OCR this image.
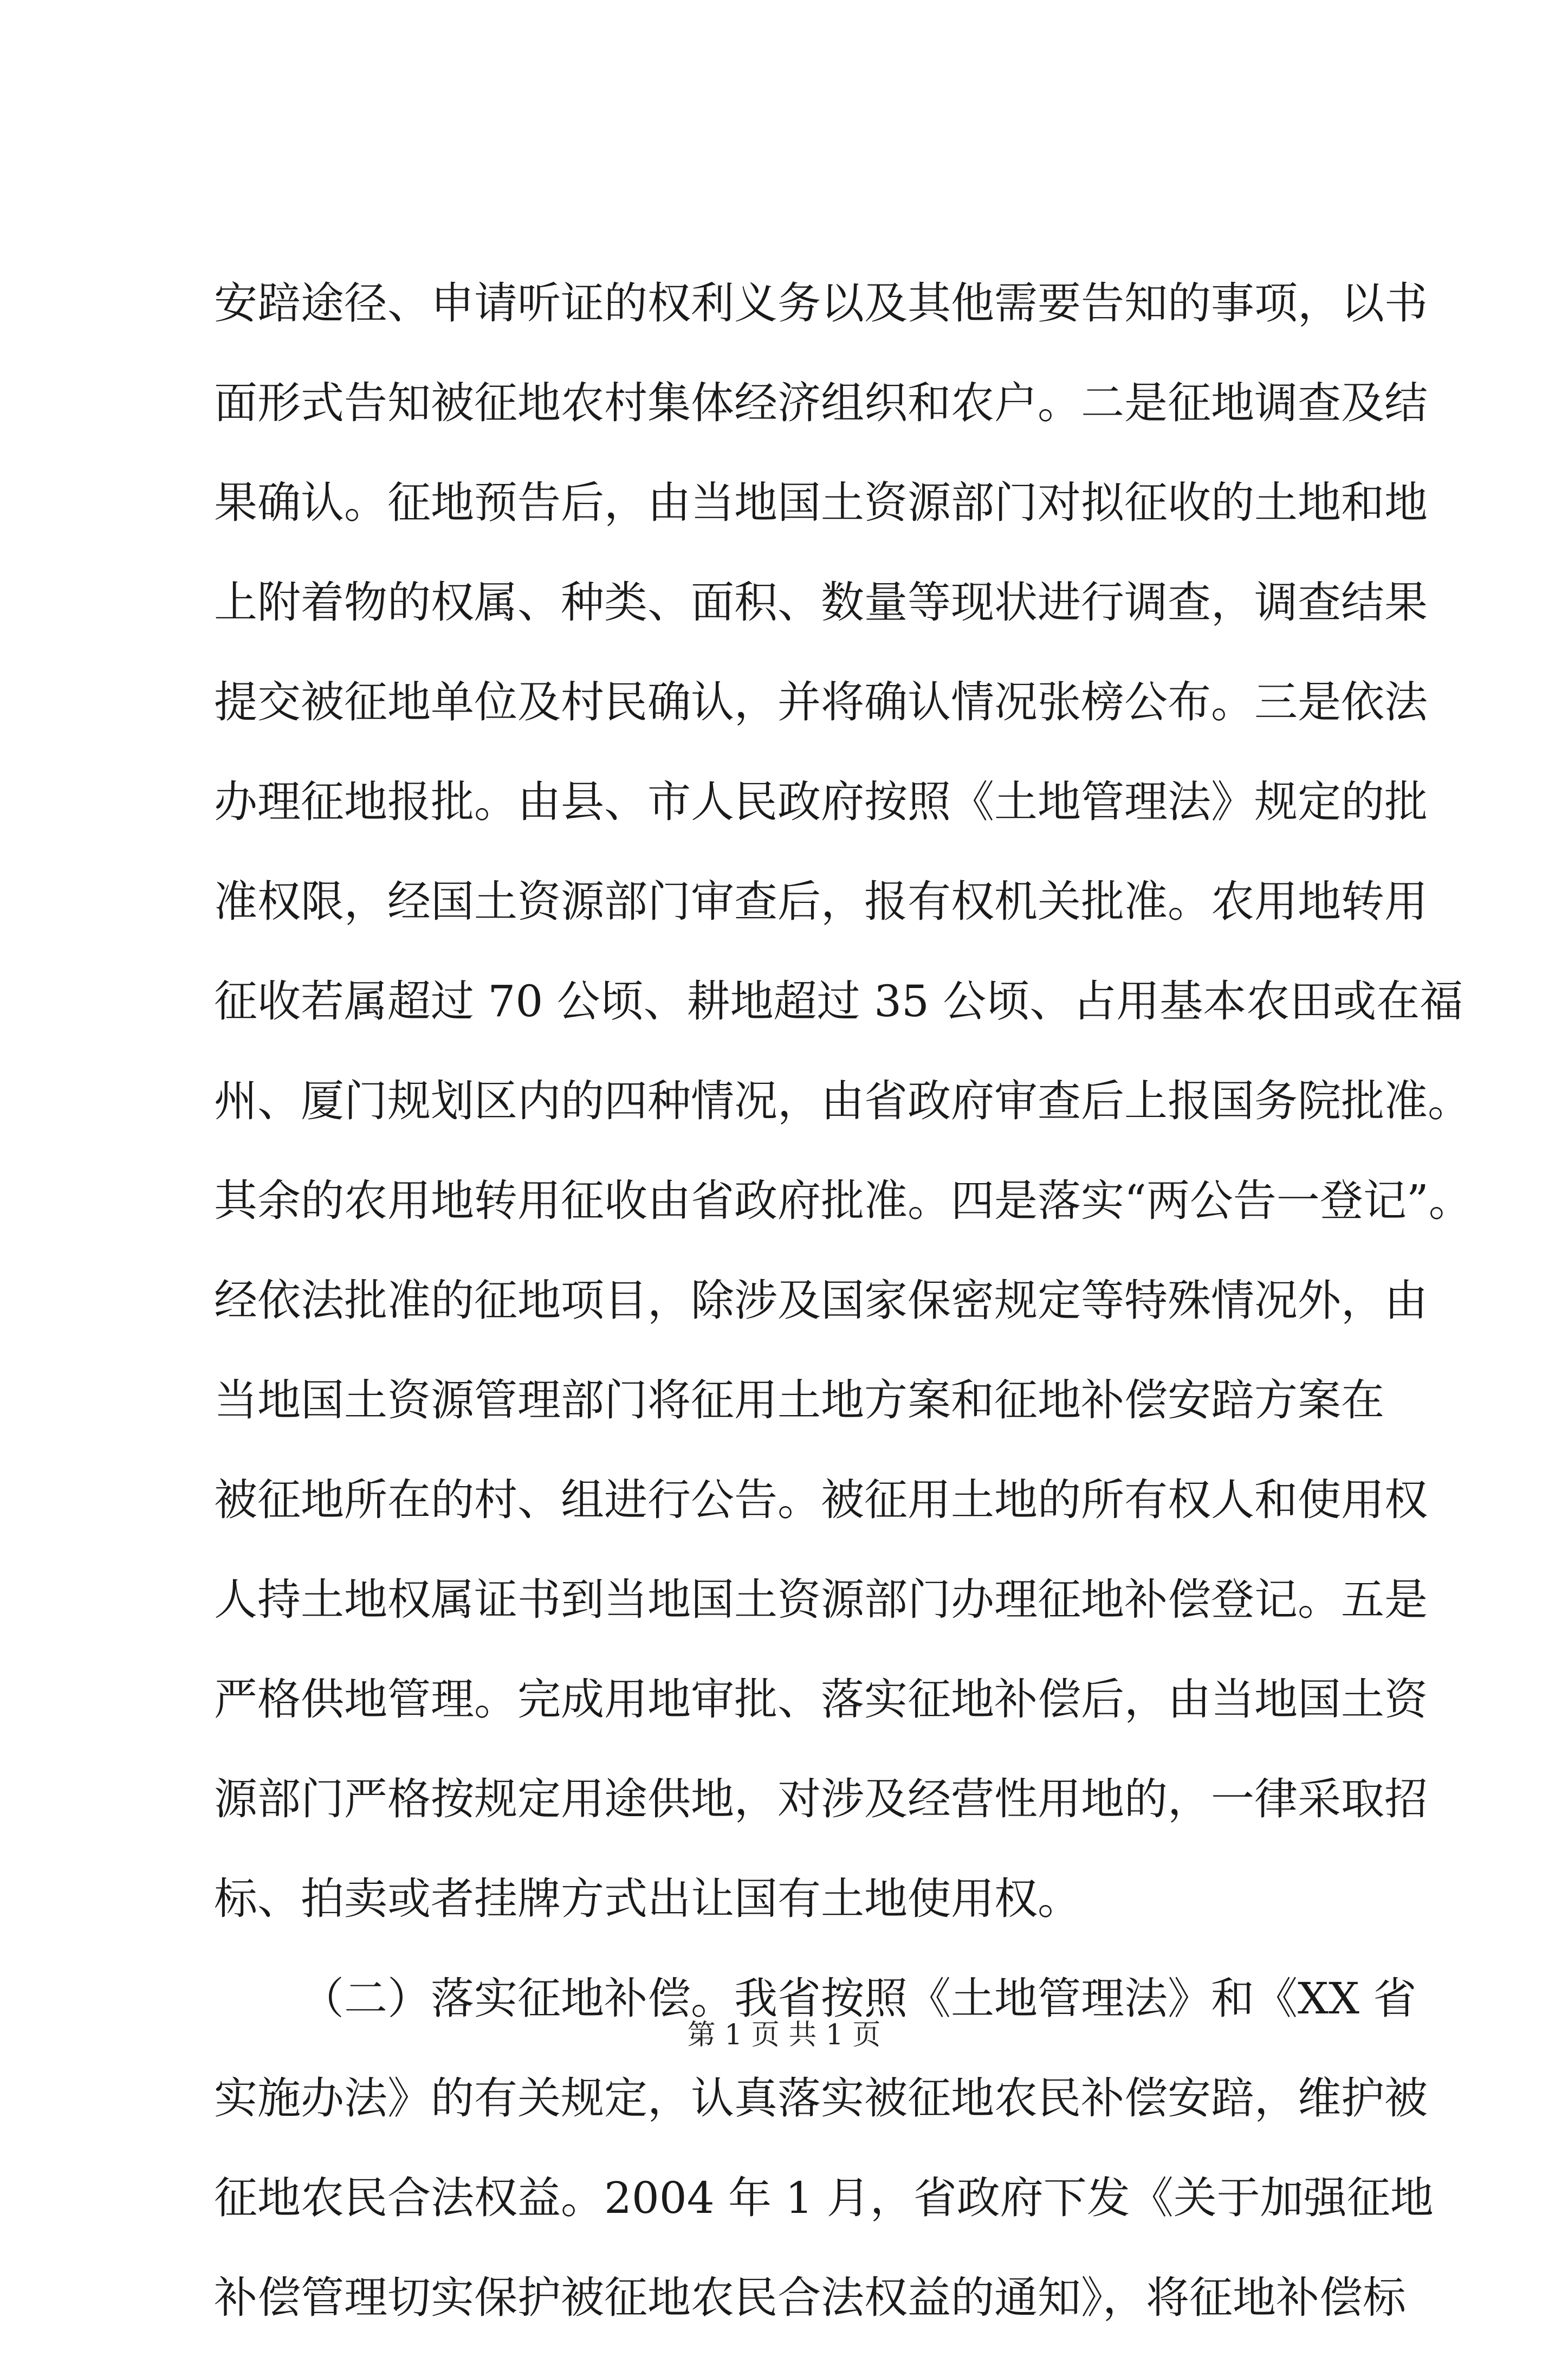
安踣途径、申请听证的权利义务以及其他需要告知的事项，以书
面形式告知被征地农村集体经济组织和农户。二是征地调查及结
果确认。征地预告后，由当地国土资源部门对拟征收的土地和地
上附着物的权属、种类、面积、数量等现状进行调查，调查结果
提交被征地单位及村民确认，并将确认情况张榜公布。三是依法
办理征地报批。由县、市人民政府按照《土地管理法》规定的批
准权限，经国土资源部门审查后，报有权机关批准。农用地转用
征收若属超过 70 公顷、耕地超过 35 公顷、占用基本农田或在福
州、厦门规划区内的四种情况，由省政府审查后上报国务院批准。
其余的农用地转用征收由省政府批准。四是落实“两公告一登记”。
经依法批准的征地项目，除涉及国家保密规定等特殊情况外，由
当地国土资源管理部门将征用土地方案和征地补偿安踣方案在
被征地所在的村、组进行公告。被征用土地的所有权人和使用权
人持土地权属证书到当地国土资源部门办理征地补偿登记。五是
严格供地管理。完成用地审批、落实征地补偿后，由当地国土资
源部门严格按规定用途供地，对涉及经营性用地的，一律采取招
标、拍卖或者挂牌方式出让国有土地使用权。
（二）落实征地补偿。我省按照《土地管理法》和《XX 省
实施办法》的有关规定，认真落实被征地农民补偿安踣，维护被
征地农民合法权益。2004 年 1 月，省政府下发《关于加强征地
补偿管理切实保护被征地农民合法权益的通知》，将征地补偿标
第 1 页 共 1 页
